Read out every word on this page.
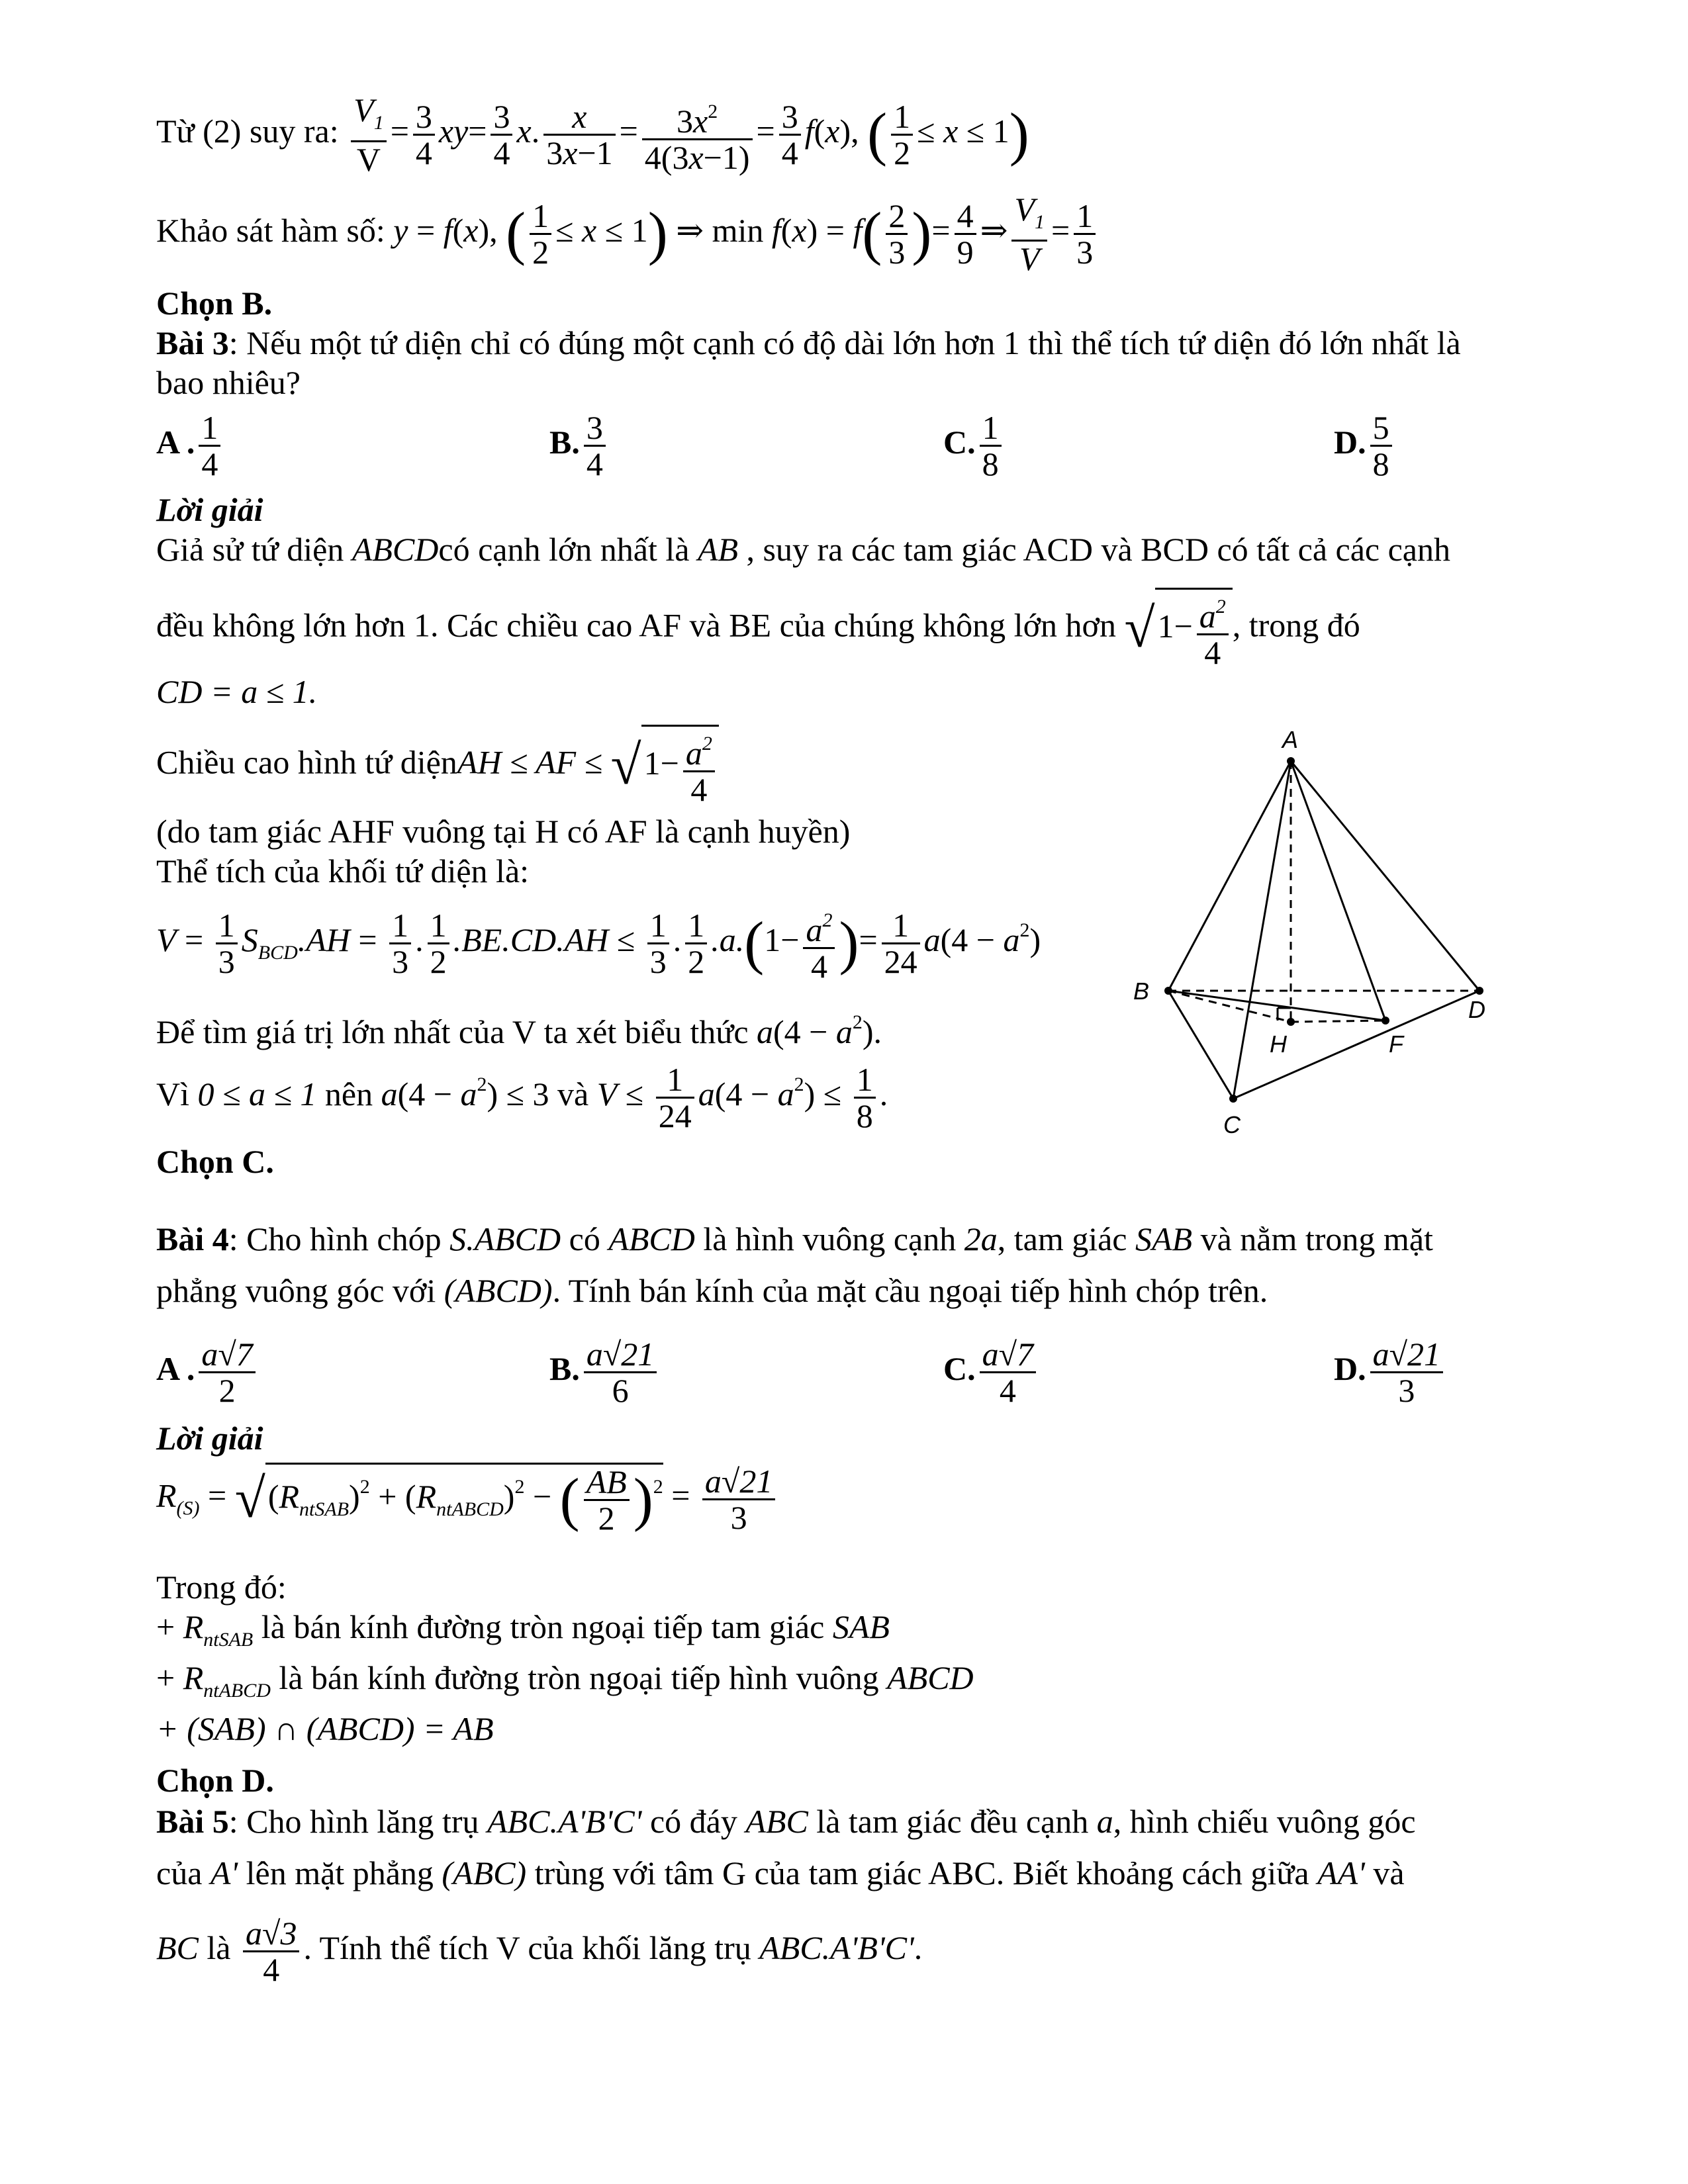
Từ (2) suy ra: $\frac{V_1}{V} = \frac{3}{4} xy= \frac{3}{4} x$. $\frac{x}{3x-1} = \frac{3x^2}{4(3x-1)} = \frac{3}{4} f(x)$, ( $\frac{1}{2} \le x \le 1$)
Khảo sát hàm số: y = f(x), ( $\frac{1}{2} \le x \le 1$) ⇒ $\min f(x) = f( \frac{2}{3}$ )= $\frac{4}{9}$ ⇒ $\frac{V_1}{V} = \frac{1}{3}$
Chọn B.
Bài 3: Nếu một tứ diện chỉ có đúng một cạnh có độ dài lớn hơn 1 thì thể tích tứ diện đó lớn nhất là
bao nhiêu?
A . $\frac{1}{4}$	B. $\frac{3}{4}$	C. $\frac{1}{8}$	D. $\frac{5}{8}$
Lời giải
Giả sử tứ diện ABCDcó cạnh lớn nhất là AB , suy ra các tam giác ACD và BCD có tất cả các cạnh
đều không lớn hơn 1. Các chiều cao AF và BE của chúng không lớn hơn $√1- \frac{a^2}{4}$ , trong đó
CD = a ≤ 1.
Chiều cao hình tứ diệnAH ≤ AF ≤ $√1- \frac{a^2}{4}$
(do tam giác AHF vuông tại H có AF là cạnh huyền)
Thể tích của khối tứ diện là:
$V = \frac{1}{3} S_{BCD}.AH = \frac{1}{3}$ . $\frac{1}{2} .BE.CD.AH \le \frac{1}{3}$ . $\frac{1}{2} .a.(1- \frac{a^2}{4}$ )= $\frac{1}{24} a(4 - a^2)$
Để tìm giá trị lớn nhất của V ta xét biểu thức $a(4 - a^2)$.
Vì 0 ≤ a ≤ 1 nên $a(4 - a^2) \le 3$ và $V \le \frac{1}{24} a(4 - a^2) \le \frac{1}{8}$ .
Chọn C.
A
B
D
H	F
C
Bài 4: Cho hình chóp S.ABCD có ABCD là hình vuông cạnh 2a, tam giác SAB và nằm trong mặt
phẳng vuông góc với (ABCD). Tính bán kính của mặt cầu ngoại tiếp hình chóp trên.
A . $\frac{a√7}{2}$	B. $\frac{a√21}{6}$	C. $\frac{a√7}{4}$	D. $\frac{a√21}{3}$
Lời giải
$R_{(S)} = √(R_{ntSAB})^2 + (R_{ntABCD})^2$ − ( $\frac{AB}{2} )^2 = \frac{a√21}{3}$
Trong đó:
+ $R_{ntSAB}$ là bán kính đường tròn ngoại tiếp tam giác SAB
+ $R_{ntABCD}$ là bán kính đường tròn ngoại tiếp hình vuông ABCD
+ (SAB) ∩ (ABCD) = AB
Chọn D.
Bài 5: Cho hình lăng trụ ABC.A'B'C' có đáy ABC là tam giác đều cạnh a, hình chiếu vuông góc
của A' lên mặt phẳng (ABC) trùng với tâm G của tam giác ABC. Biết khoảng cách giữa AA' và
BC là $\frac{a√3}{4}$ . Tính thể tích V của khối lăng trụ ABC.A'B'C'.
